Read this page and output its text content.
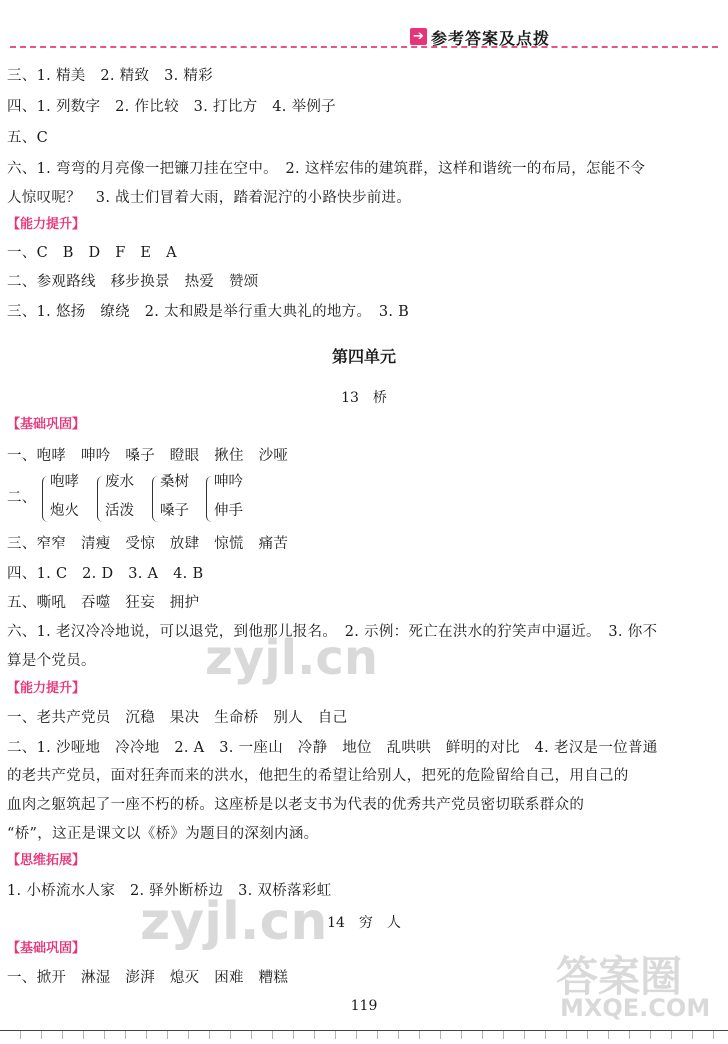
➔ 参考答案及点拨
三、1. 精美　2. 精致　3. 精彩
四、1. 列数字　2. 作比较　3. 打比方　4. 举例子
五、C
六、1. 弯弯的月亮像一把镰刀挂在空中。　2. 这样宏伟的建筑群，这样和谐统一的布局，怎能不令
人惊叹呢？　3. 战士们冒着大雨，踏着泥泞的小路快步前进。
【能力提升】
一、C　B　D　F　E　A
二、参观路线　移步换景　热爱　赞颂
三、1. 悠扬　缭绕　2. 太和殿是举行重大典礼的地方。　3. B
第四单元
13　桥
【基础巩固】
一、咆哮　呻吟　嗓子　瞪眼　揪住　沙哑
二、
咆哮
炮火
废水
活泼
桑树
嗓子
呻吟
伸手
三、窄窄　清瘦　受惊　放肆　惊慌　痛苦
四、1. C　2. D　3. A　4. B
五、嘶吼　吞噬　狂妄　拥护
六、1. 老汉冷冷地说，可以退党，到他那儿报名。　2. 示例：死亡在洪水的狞笑声中逼近。　3. 你不
算是个党员。
【能力提升】
一、老共产党员　沉稳　果决　生命桥　别人　自己
二、1. 沙哑地　冷冷地　2. A　3. 一座山　冷静　地位　乱哄哄　鲜明的对比　4. 老汉是一位普通
的老共产党员，面对狂奔而来的洪水，他把生的希望让给别人，把死的危险留给自己，用自己的
血肉之躯筑起了一座不朽的桥。这座桥是以老支书为代表的优秀共产党员密切联系群众的
“桥”，这正是课文以《桥》为题目的深刻内涵。
【思维拓展】
1. 小桥流水人家　2. 驿外断桥边　3. 双桥落彩虹
14　穷　人
【基础巩固】
一、掀开　淋湿　澎湃　熄灭　困难　糟糕
zyjl.cn
zyjl.cn
答案圈
MXQE.COM
119
